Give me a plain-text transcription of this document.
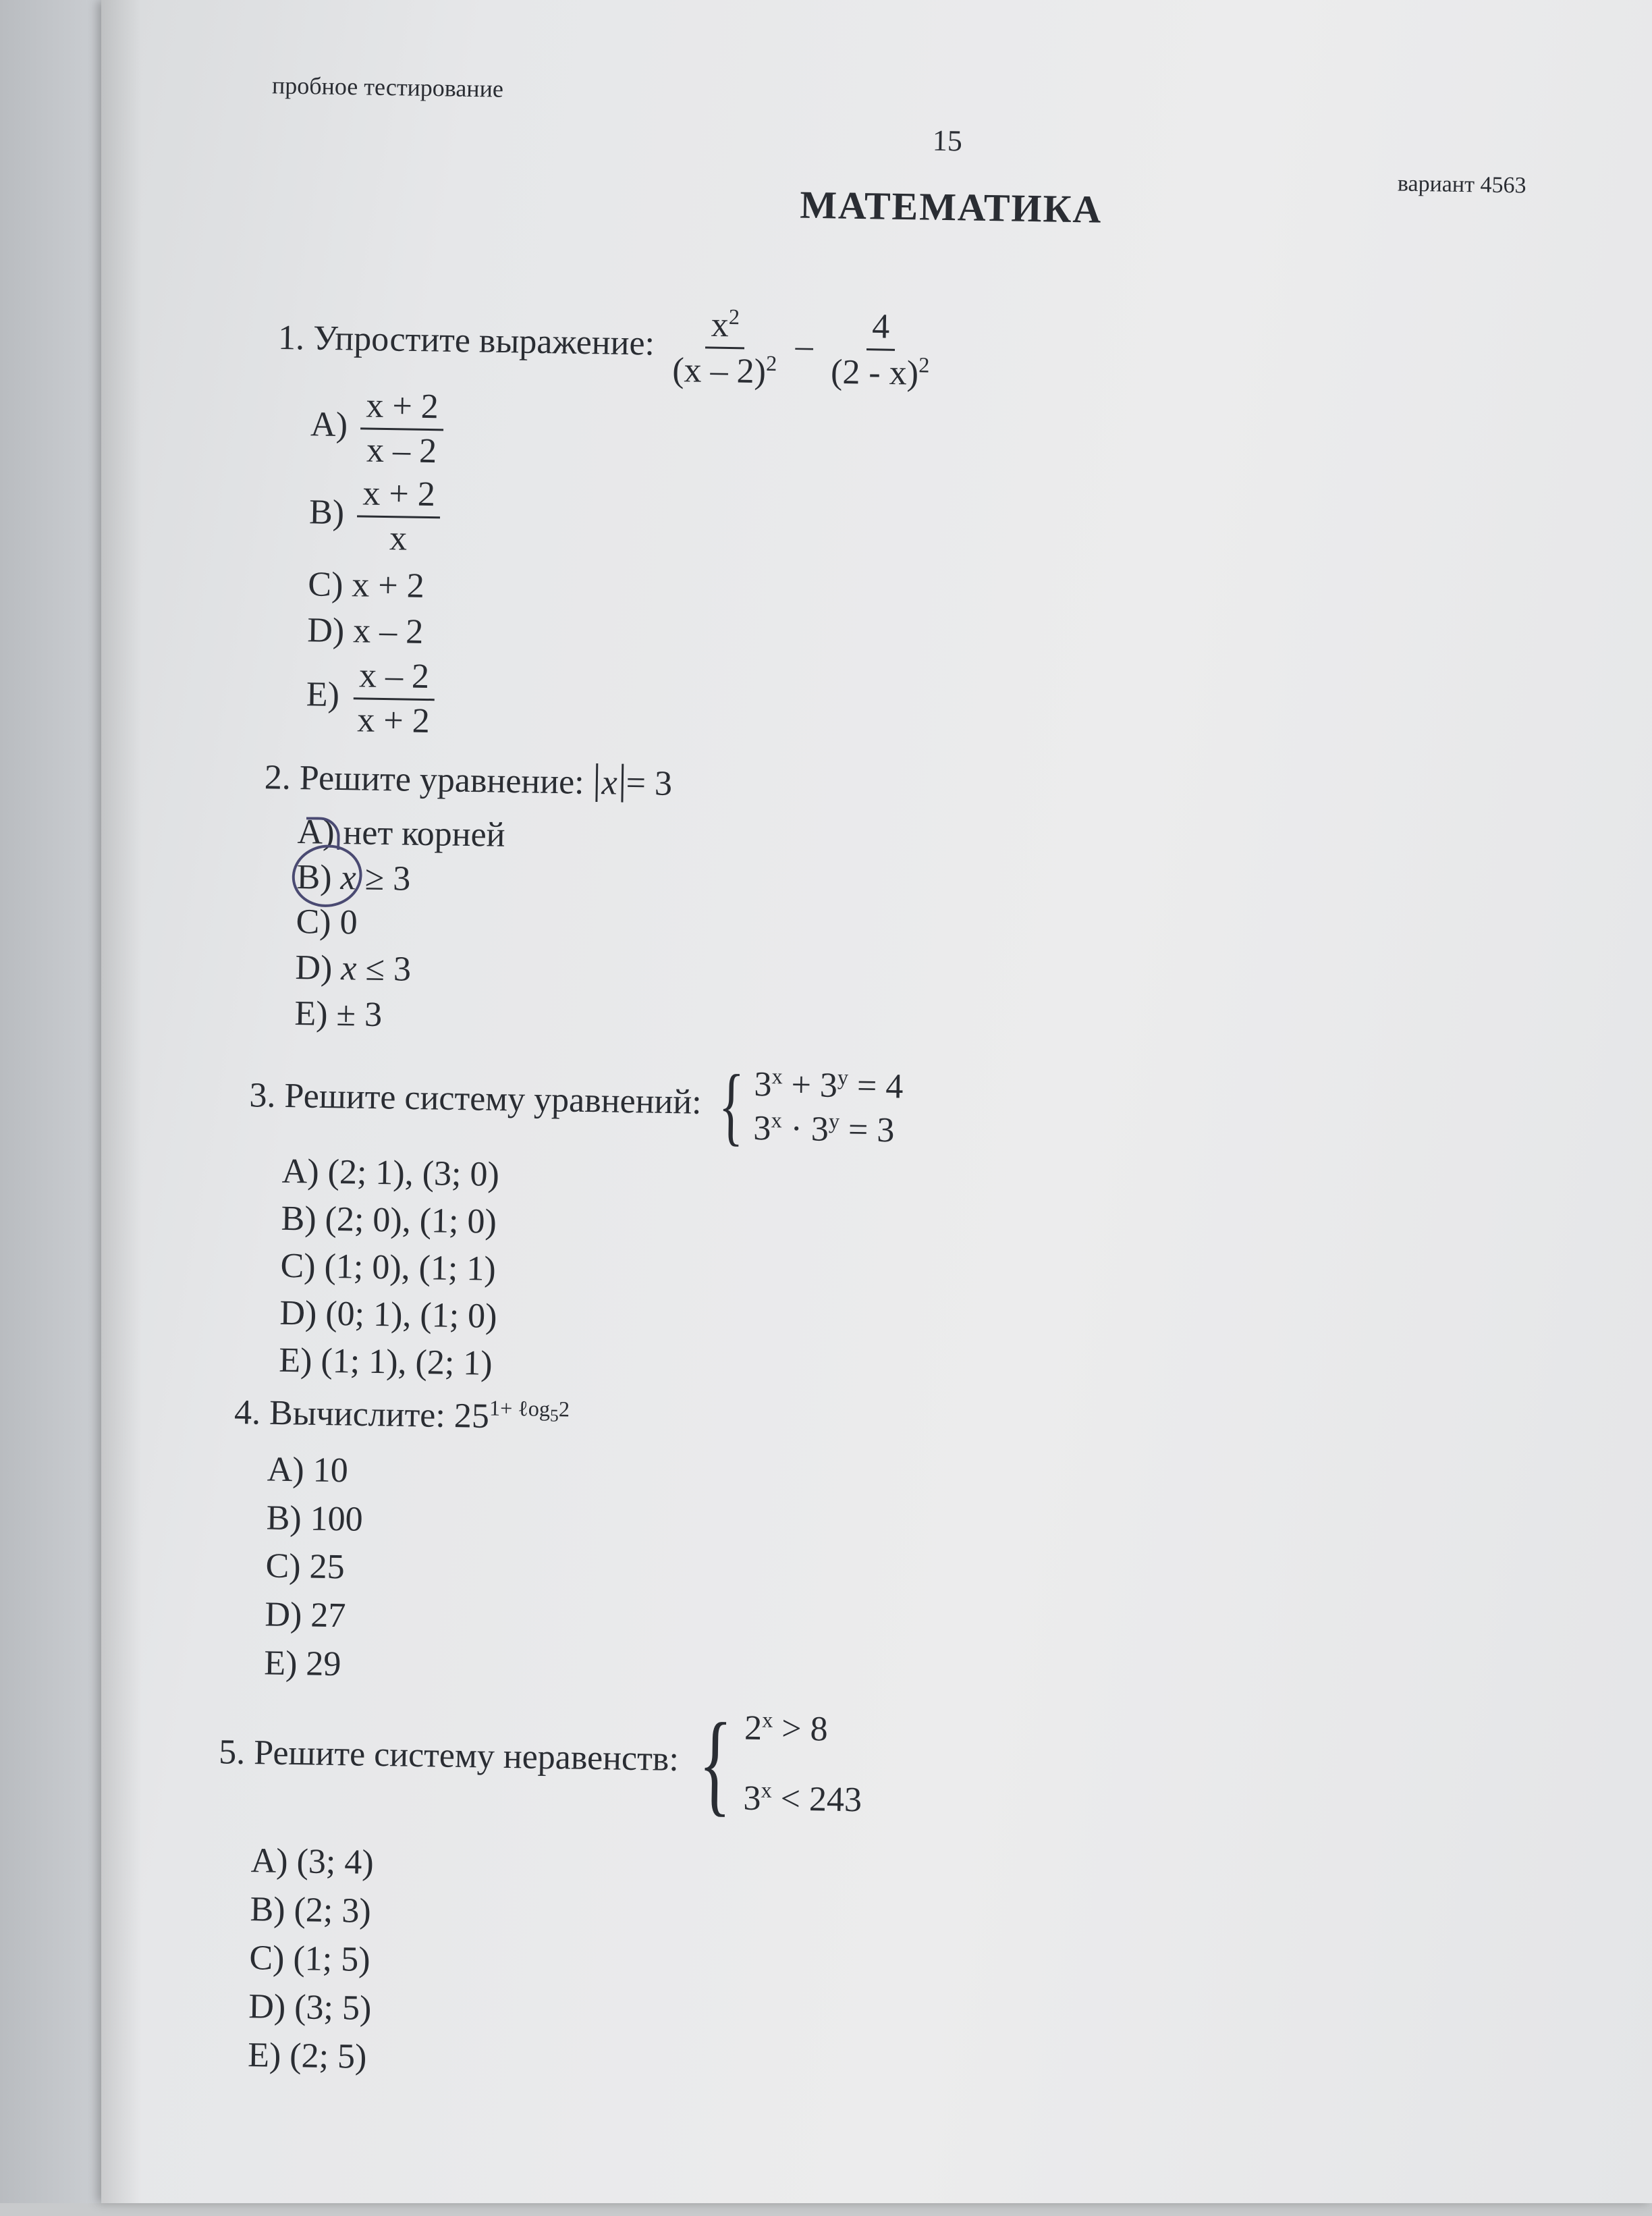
пробное тестирование
15
вариант 4563
МАТЕМАТИКА
1. Упростите выражение: $\frac{x^2}{(x - 2)^2} - \frac{4}{(2 - x)^2}$
$A) \frac{x + 2}{x - 2}$
$B) \frac{x + 2}{x}$
C) x + 2
D) x – 2
$E) \frac{x - 2}{x + 2}$
2. Решите уравнение: x = 3
A) нет корней
B) x ≥ 3
C) 0
D) x ≤ 3
E) ± 3
3. Решите систему уравнений: { $3^x + 3^y = 4$
$3^x \cdot 3^y = 3$
A) (2; 1), (3; 0)
B) (2; 0), (1; 0)
C) (1; 0), (1; 1)
D) (0; 1), (1; 0)
E) (1; 1), (2; 1)
4. Вычислите: $25^{1+ \ell og_52}$
A) 10
B) 100
C) 25
D) 27
E) 29
5. Решите систему неравенств: { $2^x > 8$
$3^x < 243$
A) (3; 4)
B) (2; 3)
C) (1; 5)
D) (3; 5)
E) (2; 5)
